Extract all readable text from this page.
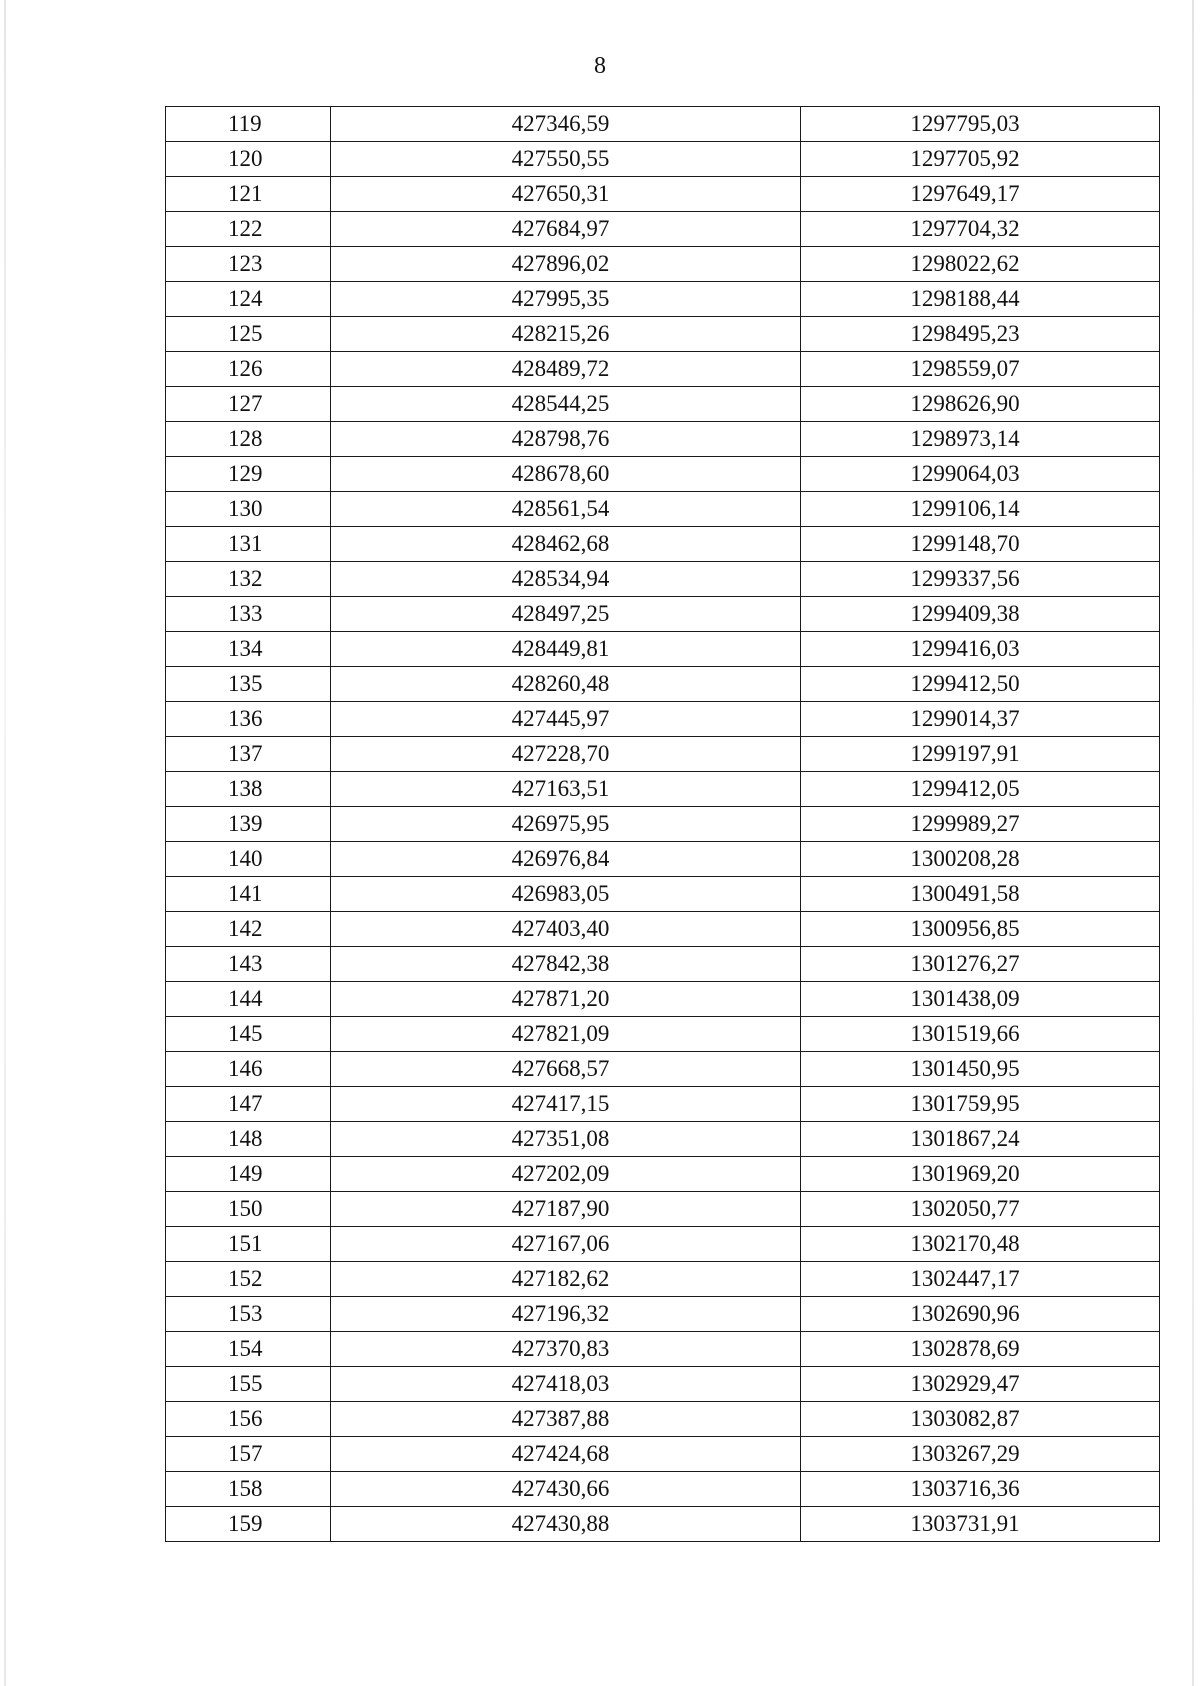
8
119	427346,59	1297795,03
120	427550,55	1297705,92
121	427650,31	1297649,17
122	427684,97	1297704,32
123	427896,02	1298022,62
124	427995,35	1298188,44
125	428215,26	1298495,23
126	428489,72	1298559,07
127	428544,25	1298626,90
128	428798,76	1298973,14
129	428678,60	1299064,03
130	428561,54	1299106,14
131	428462,68	1299148,70
132	428534,94	1299337,56
133	428497,25	1299409,38
134	428449,81	1299416,03
135	428260,48	1299412,50
136	427445,97	1299014,37
137	427228,70	1299197,91
138	427163,51	1299412,05
139	426975,95	1299989,27
140	426976,84	1300208,28
141	426983,05	1300491,58
142	427403,40	1300956,85
143	427842,38	1301276,27
144	427871,20	1301438,09
145	427821,09	1301519,66
146	427668,57	1301450,95
147	427417,15	1301759,95
148	427351,08	1301867,24
149	427202,09	1301969,20
150	427187,90	1302050,77
151	427167,06	1302170,48
152	427182,62	1302447,17
153	427196,32	1302690,96
154	427370,83	1302878,69
155	427418,03	1302929,47
156	427387,88	1303082,87
157	427424,68	1303267,29
158	427430,66	1303716,36
159	427430,88	1303731,91
